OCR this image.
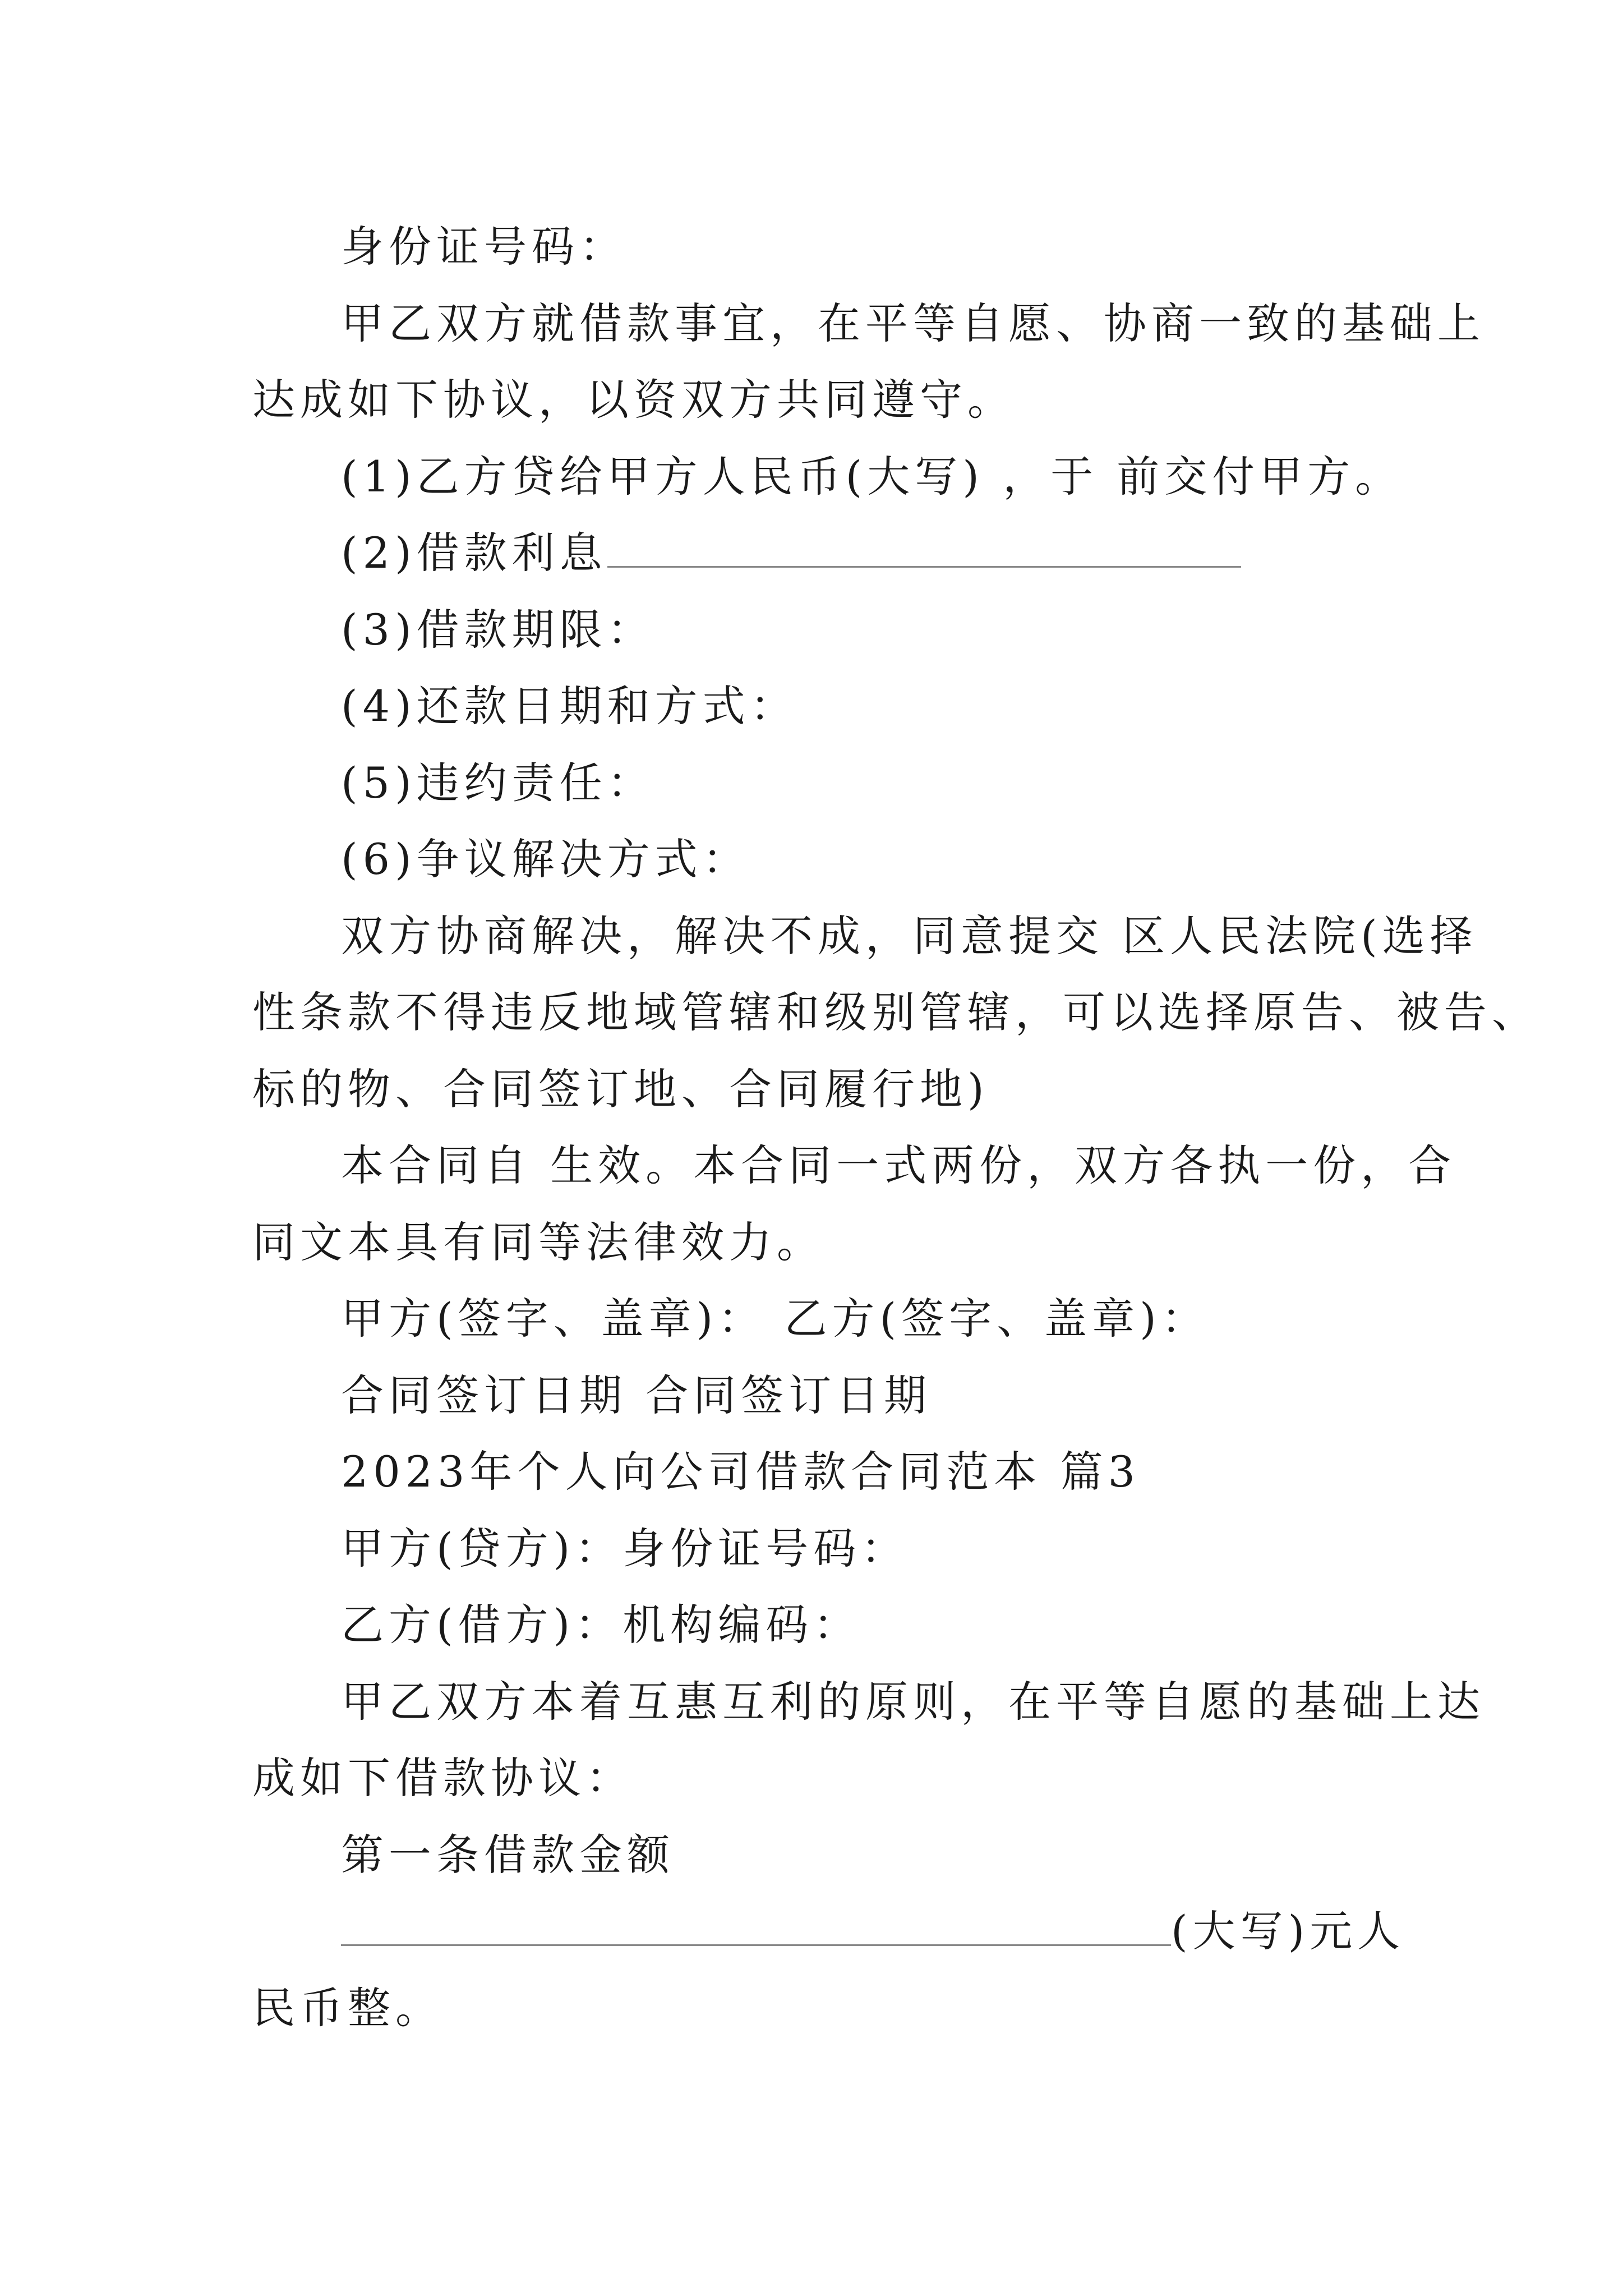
身份证号码：
甲乙双方就借款事宜，在平等自愿、协商一致的基础上
达成如下协议，以资双方共同遵守。
(1)乙方贷给甲方人民币(大写) ，于 前交付甲方。
(2)借款利息
(3)借款期限：
(4)还款日期和方式：
(5)违约责任：
(6)争议解决方式：
双方协商解决，解决不成，同意提交 区人民法院(选择
性条款不得违反地域管辖和级别管辖，可以选择原告、被告、
标的物、合同签订地、合同履行地)
本合同自 生效。本合同一式两份，双方各执一份，合
同文本具有同等法律效力。
甲方(签字、盖章)： 乙方(签字、盖章)：
合同签订日期 合同签订日期
2023年个人向公司借款合同范本 篇3
甲方(贷方)：身份证号码：
乙方(借方)：机构编码：
甲乙双方本着互惠互利的原则，在平等自愿的基础上达
成如下借款协议：
第一条借款金额
(大写)元人
民币整。
